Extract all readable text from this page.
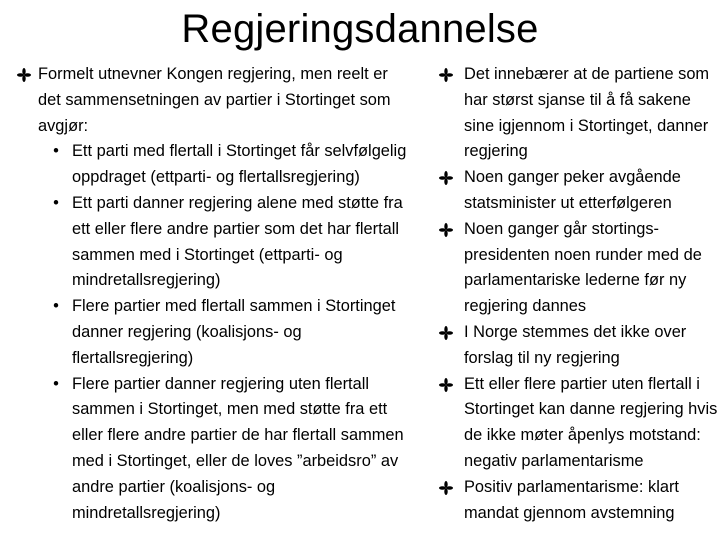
Regjeringsdannelse
Formelt utnevner Kongen regjering, men reelt er det sammensetningen av partier i Stortinget som avgjør:
• Ett parti med flertall i Stortinget får selvfølgelig oppdraget (ettparti- og flertallsregjering)
• Ett parti danner regjering alene med støtte fra ett eller flere andre partier som det har flertall sammen med i Stortinget (ettparti- og mindretallsregjering)
• Flere partier med flertall sammen i Stortinget danner regjering (koalisjons- og flertallsregjering)
• Flere partier danner regjering uten flertall sammen i Stortinget, men med støtte fra ett eller flere andre partier de har flertall sammen med i Stortinget, eller de loves ”arbeidsro” av andre partier (koalisjons- og mindretallsregjering)
Det innebærer at de partiene som har størst sjanse til å få sakene sine igjennom i Stortinget, danner regjering
Noen ganger peker avgående statsminister ut etterfølgeren
Noen ganger går stortings-presidenten noen runder med de parlamentariske lederne før ny regjering dannes
I Norge stemmes det ikke over forslag til ny regjering
Ett eller flere partier uten flertall i Stortinget kan danne regjering hvis de ikke møter åpenlys motstand: negativ parlamentarisme
Positiv parlamentarisme: klart mandat gjennom avstemning
